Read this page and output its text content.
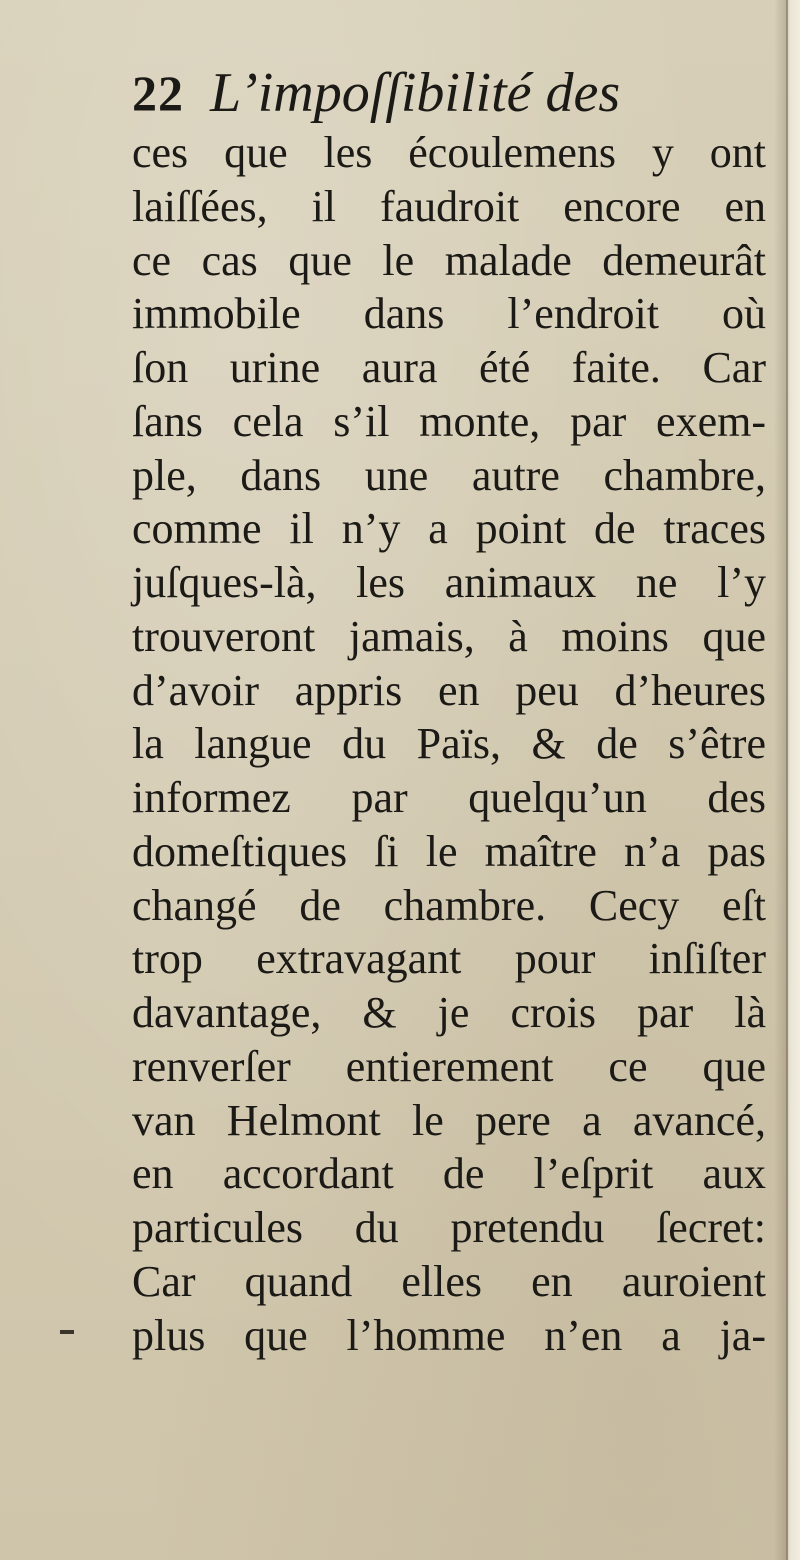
22 L’impoſſibilité des
ces que les écoulemens y ont
laiſſées, il faudroit encore en
ce cas que le malade demeurât
immobile dans l’endroit où
ſon urine aura été faite. Car
ſans cela s’il monte, par exem-
ple, dans une autre chambre,
comme il n’y a point de traces
juſques-là, les animaux ne l’y
trouveront jamais, à moins que
d’avoir appris en peu d’heures
la langue du Païs, & de s’être
informez par quelqu’un des
domeſtiques ſi le maître n’a pas
changé de chambre. Cecy eſt
trop extravagant pour inſiſter
davantage, & je crois par là
renverſer entierement ce que
van Helmont le pere a avancé,
en accordant de l’eſprit aux
particules du pretendu ſecret:
Car quand elles en auroient
plus que l’homme n’en a ja-
